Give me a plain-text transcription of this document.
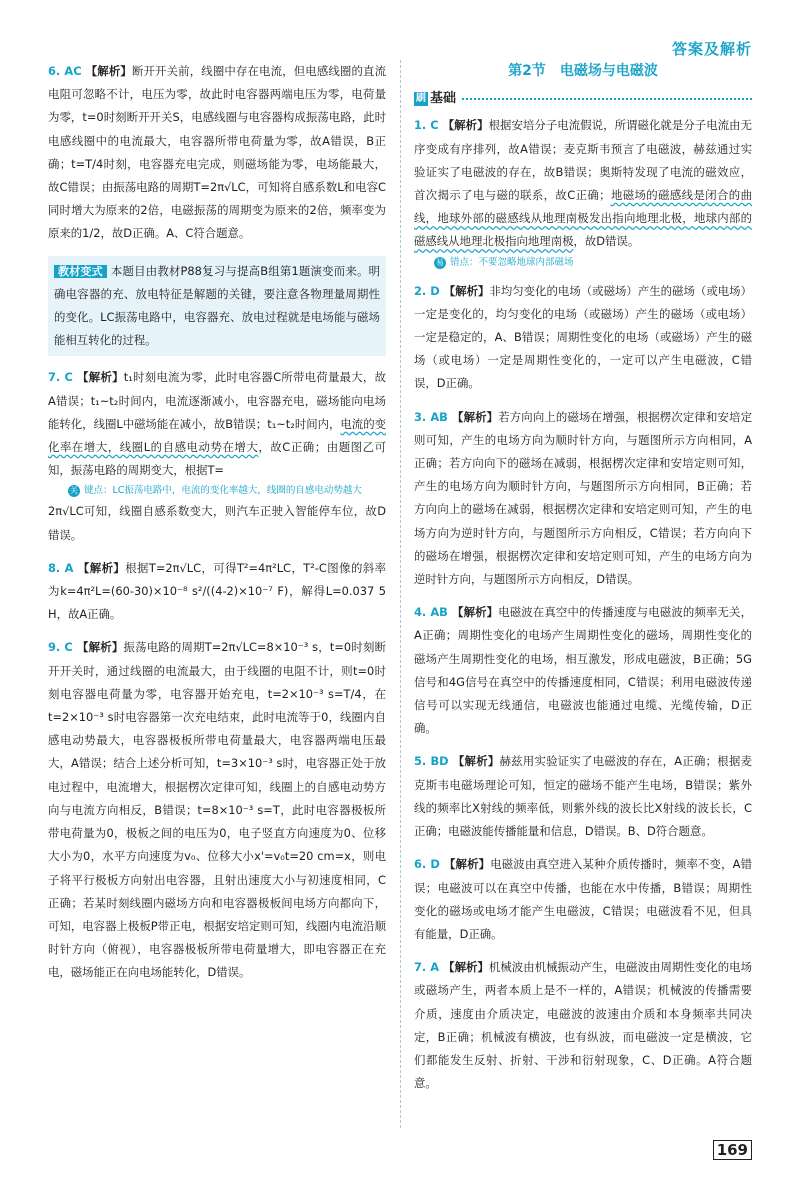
答案及解析
6. AC 【解析】断开开关前，线圈中存在电流，但电感线圈的直流电阻可忽略不计，电压为零，故此时电容器两端电压为零，电荷量为零，t=0时刻断开开关S，电感线圈与电容器构成振荡电路，此时电感线圈中的电流最大，电容器所带电荷量为零，故A错误，B正确；t=T/4时刻，电容器充电完成，则磁场能为零，电场能最大，故C错误；由振荡电路的周期T=2π√LC，可知将自感系数L和电容C同时增大为原来的2倍，电磁振荡的周期变为原来的2倍，频率变为原来的1/2，故D正确。A、C符合题意。
教材变式 本题目由教材P88复习与提高B组第1题演变而来。明确电容器的充、放电特征是解题的关键，要注意各物理量周期性的变化。LC振荡电路中，电容器充、放电过程就是电场能与磁场能相互转化的过程。
7. C 【解析】t₁时刻电流为零，此时电容器C所带电荷量最大，故A错误；t₁~t₂时间内，电流逐渐减小，电容器充电，磁场能向电场能转化，线圈L中磁场能在减小，故B错误；t₁~t₂时间内，电流的变化率在增大，线圈L的自感电动势在增大，故C正确；由题图乙可知，振荡电路的周期变大，根据T=
关 键点：LC振荡电路中，电流的变化率越大，线圈的自感电动势越大
2π√LC可知，线圈自感系数变大，则汽车正驶入智能停车位，故D错误。
8. A 【解析】根据T=2π√LC，可得T²=4π²LC，T²-C图像的斜率为k=4π²L=(60-30)×10⁻⁸ s²/((4-2)×10⁻⁷ F)，解得L=0.037 5 H，故A正确。
9. C 【解析】振荡电路的周期T=2π√LC=8×10⁻³ s，t=0时刻断开开关时，通过线圈的电流最大，由于线圈的电阻不计，则t=0时刻电容器电荷量为零，电容器开始充电，t=2×10⁻³ s=T/4，在t=2×10⁻³ s时电容器第一次充电结束，此时电流等于0，线圈内自感电动势最大，电容器极板所带电荷量最大，电容器两端电压最大，A错误；结合上述分析可知，t=3×10⁻³ s时，电容器正处于放电过程中，电流增大，根据楞次定律可知，线圈上的自感电动势方向与电流方向相反，B错误；t=8×10⁻³ s=T，此时电容器极板所带电荷量为0，极板之间的电压为0，电子竖直方向速度为0、位移大小为0，水平方向速度为v₀、位移大小x'=v₀t=20 cm=x，则电子将平行极板方向射出电容器，且射出速度大小与初速度相同，C正确；若某时刻线圈内磁场方向和电容器极板间电场方向都向下，可知，电容器上极板P带正电，根据安培定则可知，线圈内电流沿顺时针方向（俯视），电容器极板所带电荷量增大，即电容器正在充电，磁场能正在向电场能转化，D错误。
第2节　电磁场与电磁波
刷 基础
1. C 【解析】根据安培分子电流假说，所谓磁化就是分子电流由无序变成有序排列，故A错误；麦克斯韦预言了电磁波，赫兹通过实验证实了电磁波的存在，故B错误；奥斯特发现了电流的磁效应，首次揭示了电与磁的联系，故C正确；地磁场的磁感线是闭合的曲线，地球外部的磁感线从地理南极发出指向地理北极，地球内部的磁感线从地理北极指向地理南极，故D错误。
易 错点：不要忽略地球内部磁场
2. D 【解析】非均匀变化的电场（或磁场）产生的磁场（或电场）一定是变化的，均匀变化的电场（或磁场）产生的磁场（或电场）一定是稳定的，A、B错误；周期性变化的电场（或磁场）产生的磁场（或电场）一定是周期性变化的，一定可以产生电磁波，C错误，D正确。
3. AB 【解析】若方向向上的磁场在增强，根据楞次定律和安培定则可知，产生的电场方向为顺时针方向，与题图所示方向相同，A正确；若方向向下的磁场在减弱，根据楞次定律和安培定则可知，产生的电场方向为顺时针方向，与题图所示方向相同，B正确；若方向向上的磁场在减弱，根据楞次定律和安培定则可知，产生的电场方向为逆时针方向，与题图所示方向相反，C错误；若方向向下的磁场在增强，根据楞次定律和安培定则可知，产生的电场方向为逆时针方向，与题图所示方向相反，D错误。
4. AB 【解析】电磁波在真空中的传播速度与电磁波的频率无关，A正确；周期性变化的电场产生周期性变化的磁场，周期性变化的磁场产生周期性变化的电场，相互激发，形成电磁波，B正确；5G信号和4G信号在真空中的传播速度相同，C错误；利用电磁波传递信号可以实现无线通信，电磁波也能通过电缆、光缆传输，D正确。
5. BD 【解析】赫兹用实验证实了电磁波的存在，A正确；根据麦克斯韦电磁场理论可知，恒定的磁场不能产生电场，B错误；紫外线的频率比X射线的频率低，则紫外线的波长比X射线的波长长，C正确；电磁波能传播能量和信息，D错误。B、D符合题意。
6. D 【解析】电磁波由真空进入某种介质传播时，频率不变，A错误；电磁波可以在真空中传播，也能在水中传播，B错误；周期性变化的磁场或电场才能产生电磁波，C错误；电磁波看不见，但具有能量，D正确。
7. A 【解析】机械波由机械振动产生，电磁波由周期性变化的电场或磁场产生，两者本质上是不一样的，A错误；机械波的传播需要介质，速度由介质决定，电磁波的波速由介质和本身频率共同决定，B正确；机械波有横波，也有纵波，而电磁波一定是横波，它们都能发生反射、折射、干涉和衍射现象，C、D正确。A符合题意。
169
